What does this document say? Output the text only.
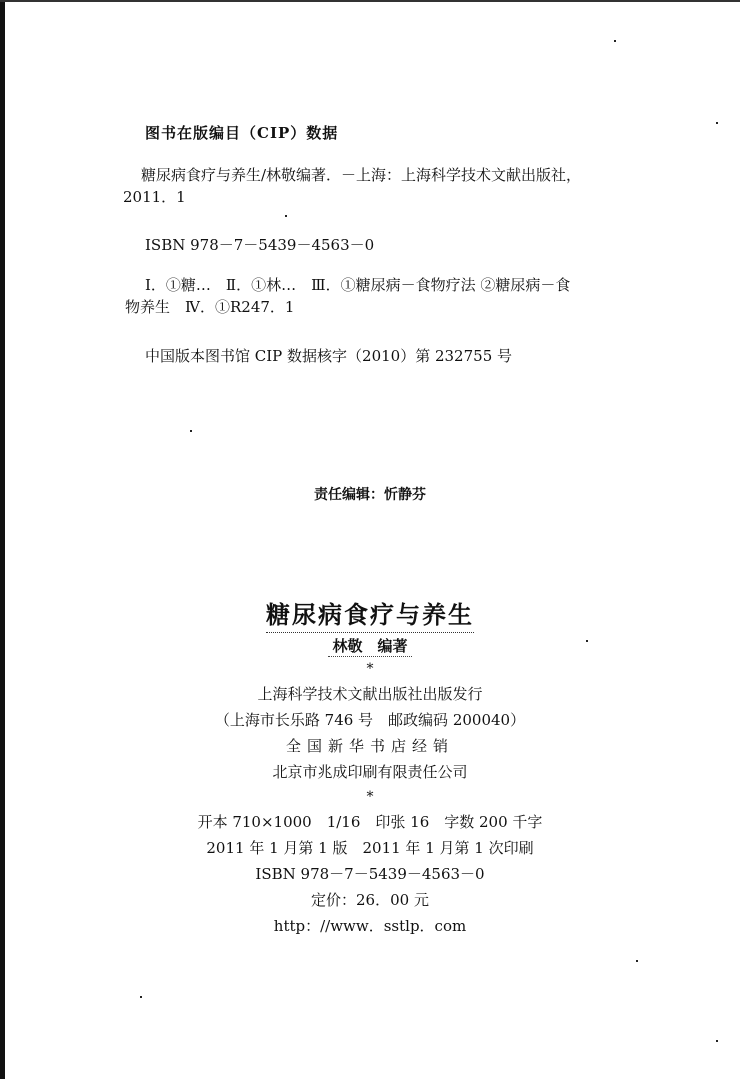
图书在版编目（CIP）数据

糖尿病食疗与养生/林敬编著．－上海：上海科学技术文献出版社，

2011．1

ISBN 978－7－5439－4563－0

Ⅰ．①糖…　Ⅱ．①林…　Ⅲ．①糖尿病－食物疗法 ②糖尿病－食

物养生　Ⅳ．①R247．1

中国版本图书馆 CIP 数据核字（2010）第 232755 号

责任编辑：忻静芬
糖尿病食疗与养生
林敬　编著
*
上海科学技术文献出版社出版发行
（上海市长乐路 746 号　邮政编码 200040）
全国新华书店经销
北京市兆成印刷有限责任公司
*
开本 710×1000　1/16　印张 16　字数 200 千字
2011 年 1 月第 1 版　2011 年 1 月第 1 次印刷
ISBN 978－7－5439－4563－0
定价：26．00 元
http：//www．sstlp．com
